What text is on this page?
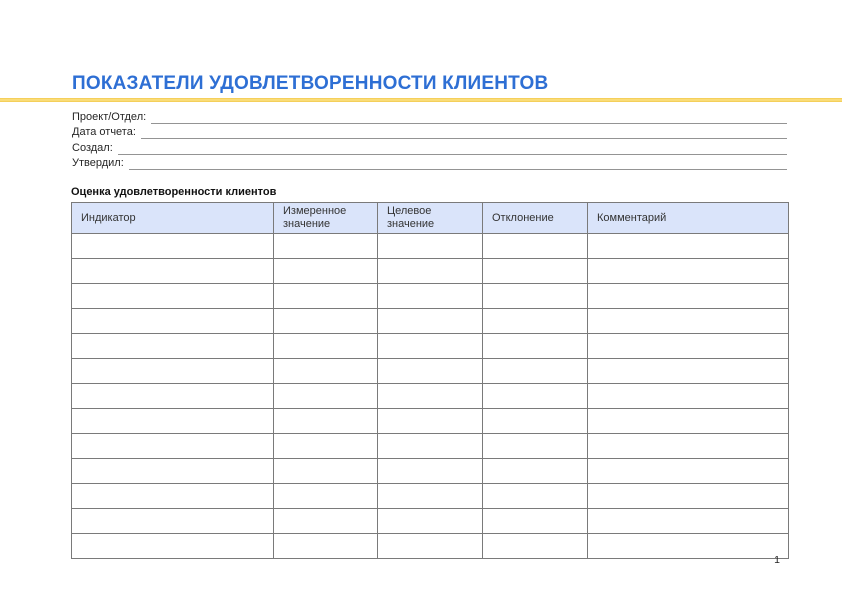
ПОКАЗАТЕЛИ УДОВЛЕТВОРЕННОСТИ КЛИЕНТОВ
Проект/Отдел:
Дата отчета:
Создал:
Утвердил:
Оценка удовлетворенности клиентов
Индикатор	Измеренное значение	Целевое значение	Отклонение	Комментарий

1
